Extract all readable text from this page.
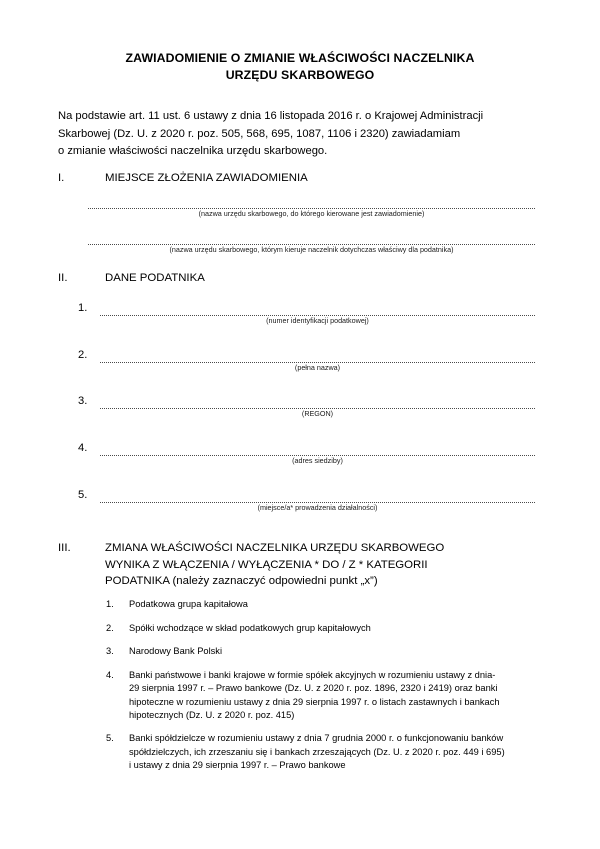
ZAWIADOMIENIE O ZMIANIE WŁAŚCIWOŚCI NACZELNIKA
URZĘDU SKARBOWEGO
Na podstawie art. 11 ust. 6 ustawy z dnia 16 listopada 2016 r. o Krajowej Administracji
Skarbowej (Dz. U. z 2020 r. poz. 505, 568, 695, 1087, 1106 i 2320) zawiadamiam
o zmianie właściwości naczelnika urzędu skarbowego.
I.	MIEJSCE ZŁOŻENIA ZAWIADOMIENIA
(nazwa urzędu skarbowego, do którego kierowane jest zawiadomienie)
(nazwa urzędu skarbowego, którym kieruje naczelnik dotychczas właściwy dla podatnika)
II.	DANE PODATNIKA
1.
(numer identyfikacji podatkowej)
2.
(pełna nazwa)
3.
(REGON)
4.
(adres siedziby)
5.
(miejsce/a* prowadzenia działalności)
III.	ZMIANA WŁAŚCIWOŚCI NACZELNIKA URZĘDU SKARBOWEGO
WYNIKA Z WŁĄCZENIA / WYŁĄCZENIA * DO / Z * KATEGORII
PODATNIKA (należy zaznaczyć odpowiedni punkt „x”)
1. Podatkowa grupa kapitałowa
2. Spółki wchodzące w skład podatkowych grup kapitałowych
3. Narodowy Bank Polski
4. Banki państwowe i banki krajowe w formie spółek akcyjnych w rozumieniu ustawy z dnia-
29 sierpnia 1997 r. – Prawo bankowe (Dz. U. z 2020 r. poz. 1896, 2320 i 2419) oraz banki
hipoteczne w rozumieniu ustawy z dnia 29 sierpnia 1997 r. o listach zastawnych i bankach
hipotecznych (Dz. U. z 2020 r. poz. 415)
5. Banki spółdzielcze w rozumieniu ustawy z dnia 7 grudnia 2000 r. o funkcjonowaniu banków
spółdzielczych, ich zrzeszaniu się i bankach zrzeszających (Dz. U. z 2020 r. poz. 449 i 695)
i ustawy z dnia 29 sierpnia 1997 r. – Prawo bankowe
